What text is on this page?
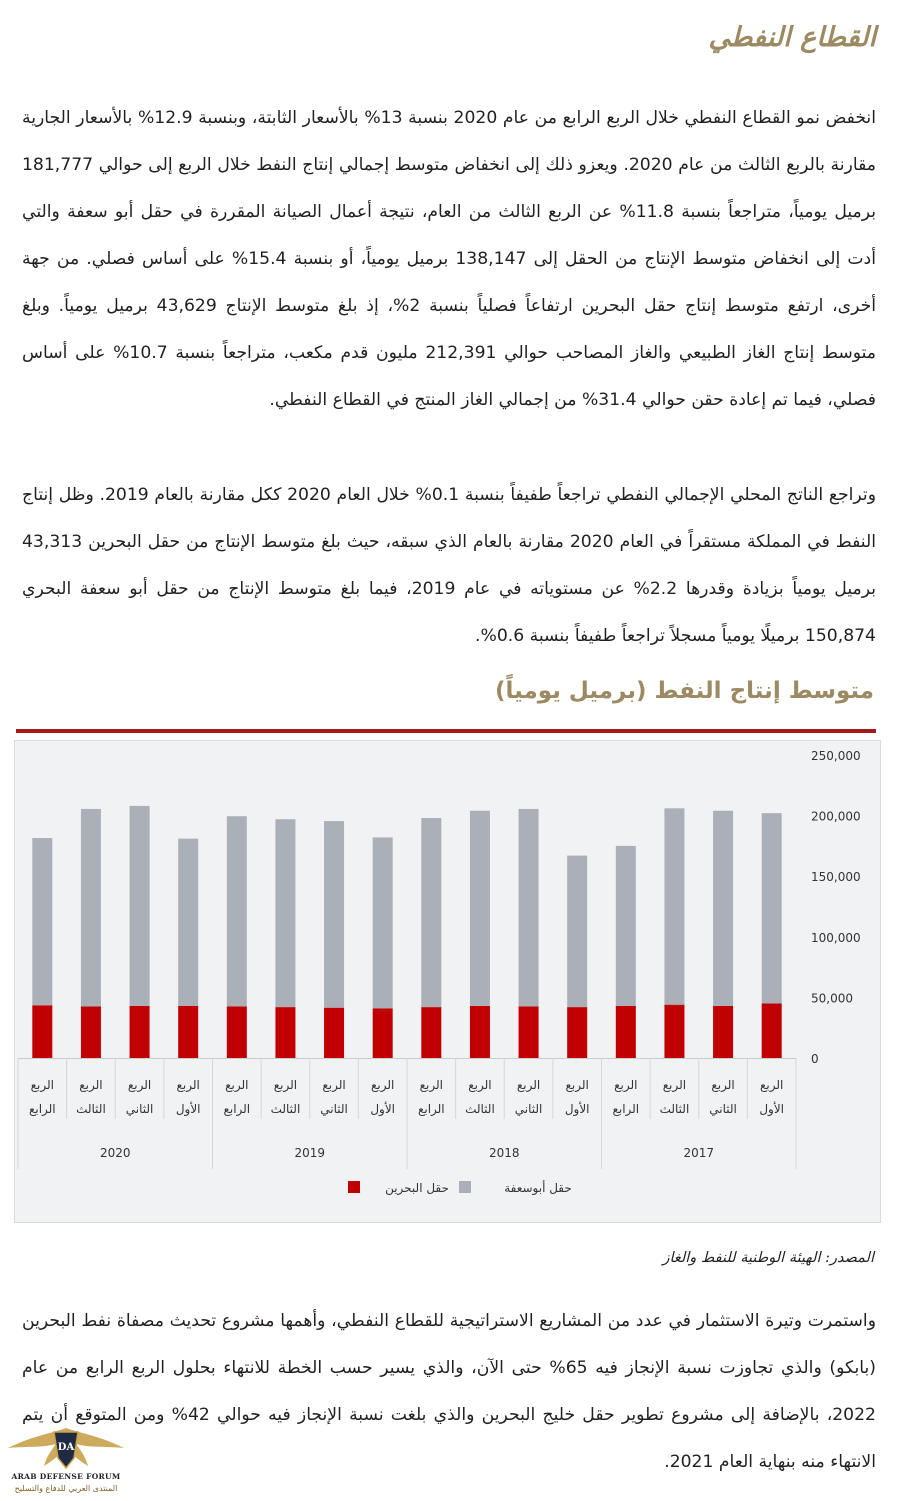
القطاع النفطي
انخفض نمو القطاع النفطي خلال الربع الرابع من عام 2020 بنسبة 13% بالأسعار الثابتة، وبنسبة 12.9% بالأسعار الجارية مقارنة بالربع الثالث من عام 2020. ويعزو ذلك إلى انخفاض متوسط إجمالي إنتاج النفط خلال الربع إلى حوالي 181,777 برميل يومياً، متراجعاً بنسبة 11.8% عن الربع الثالث من العام، نتيجة أعمال الصيانة المقررة في حقل أبو سعفة والتي أدت إلى انخفاض متوسط الإنتاج من الحقل إلى 138,147 برميل يومياً، أو بنسبة 15.4% على أساس فصلي. من جهة أخرى، ارتفع متوسط إنتاج حقل البحرين ارتفاعاً فصلياً بنسبة 2%، إذ بلغ متوسط الإنتاج 43,629 برميل يومياً. وبلغ متوسط إنتاج الغاز الطبيعي والغاز المصاحب حوالي 212,391 مليون قدم مكعب، متراجعاً بنسبة 10.7% على أساس فصلي، فيما تم إعادة حقن حوالي 31.4% من إجمالي الغاز المنتج في القطاع النفطي.
وتراجع الناتج المحلي الإجمالي النفطي تراجعاً طفيفاً بنسبة 0.1% خلال العام 2020 ككل مقارنة بالعام 2019. وظل إنتاج النفط في المملكة مستقراً في العام 2020 مقارنة بالعام الذي سبقه، حيث بلغ متوسط الإنتاج من حقل البحرين 43,313 برميل يومياً بزيادة وقدرها 2.2% عن مستوياته في عام 2019، فيما بلغ متوسط الإنتاج من حقل أبو سعفة البحري 150,874 برميلًا يومياً مسجلاً تراجعاً طفيفاً بنسبة 0.6%.
متوسط إنتاج النفط (برميل يومياً)
0
50,000
100,000
150,000
200,000
250,000
الربع
الأول
الربع
الثاني
الربع
الثالث
الربع
الرابع
الربع
الأول
الربع
الثاني
الربع
الثالث
الربع
الرابع
الربع
الأول
الربع
الثاني
الربع
الثالث
الربع
الرابع
الربع
الأول
الربع
الثاني
الربع
الثالث
الربع
الرابع
2017
2018
2019
2020
حقل أبوسعفة
حقل البحرين
المصدر: الهيئة الوطنية للنفط والغاز
واستمرت وتيرة الاستثمار في عدد من المشاريع الاستراتيجية للقطاع النفطي، وأهمها مشروع تحديث مصفاة نفط البحرين (بابكو) والذي تجاوزت نسبة الإنجاز فيه 65% حتى الآن، والذي يسير حسب الخطة للانتهاء بحلول الربع الرابع من عام 2022، بالإضافة إلى مشروع تطوير حقل خليج البحرين والذي بلغت نسبة الإنجاز فيه حوالي 42% ومن المتوقع أن يتم الانتهاء منه بنهاية العام 2021.
DA
ARAB DEFENSE FORUM
المنتدى العربي للدفاع والتسليح
